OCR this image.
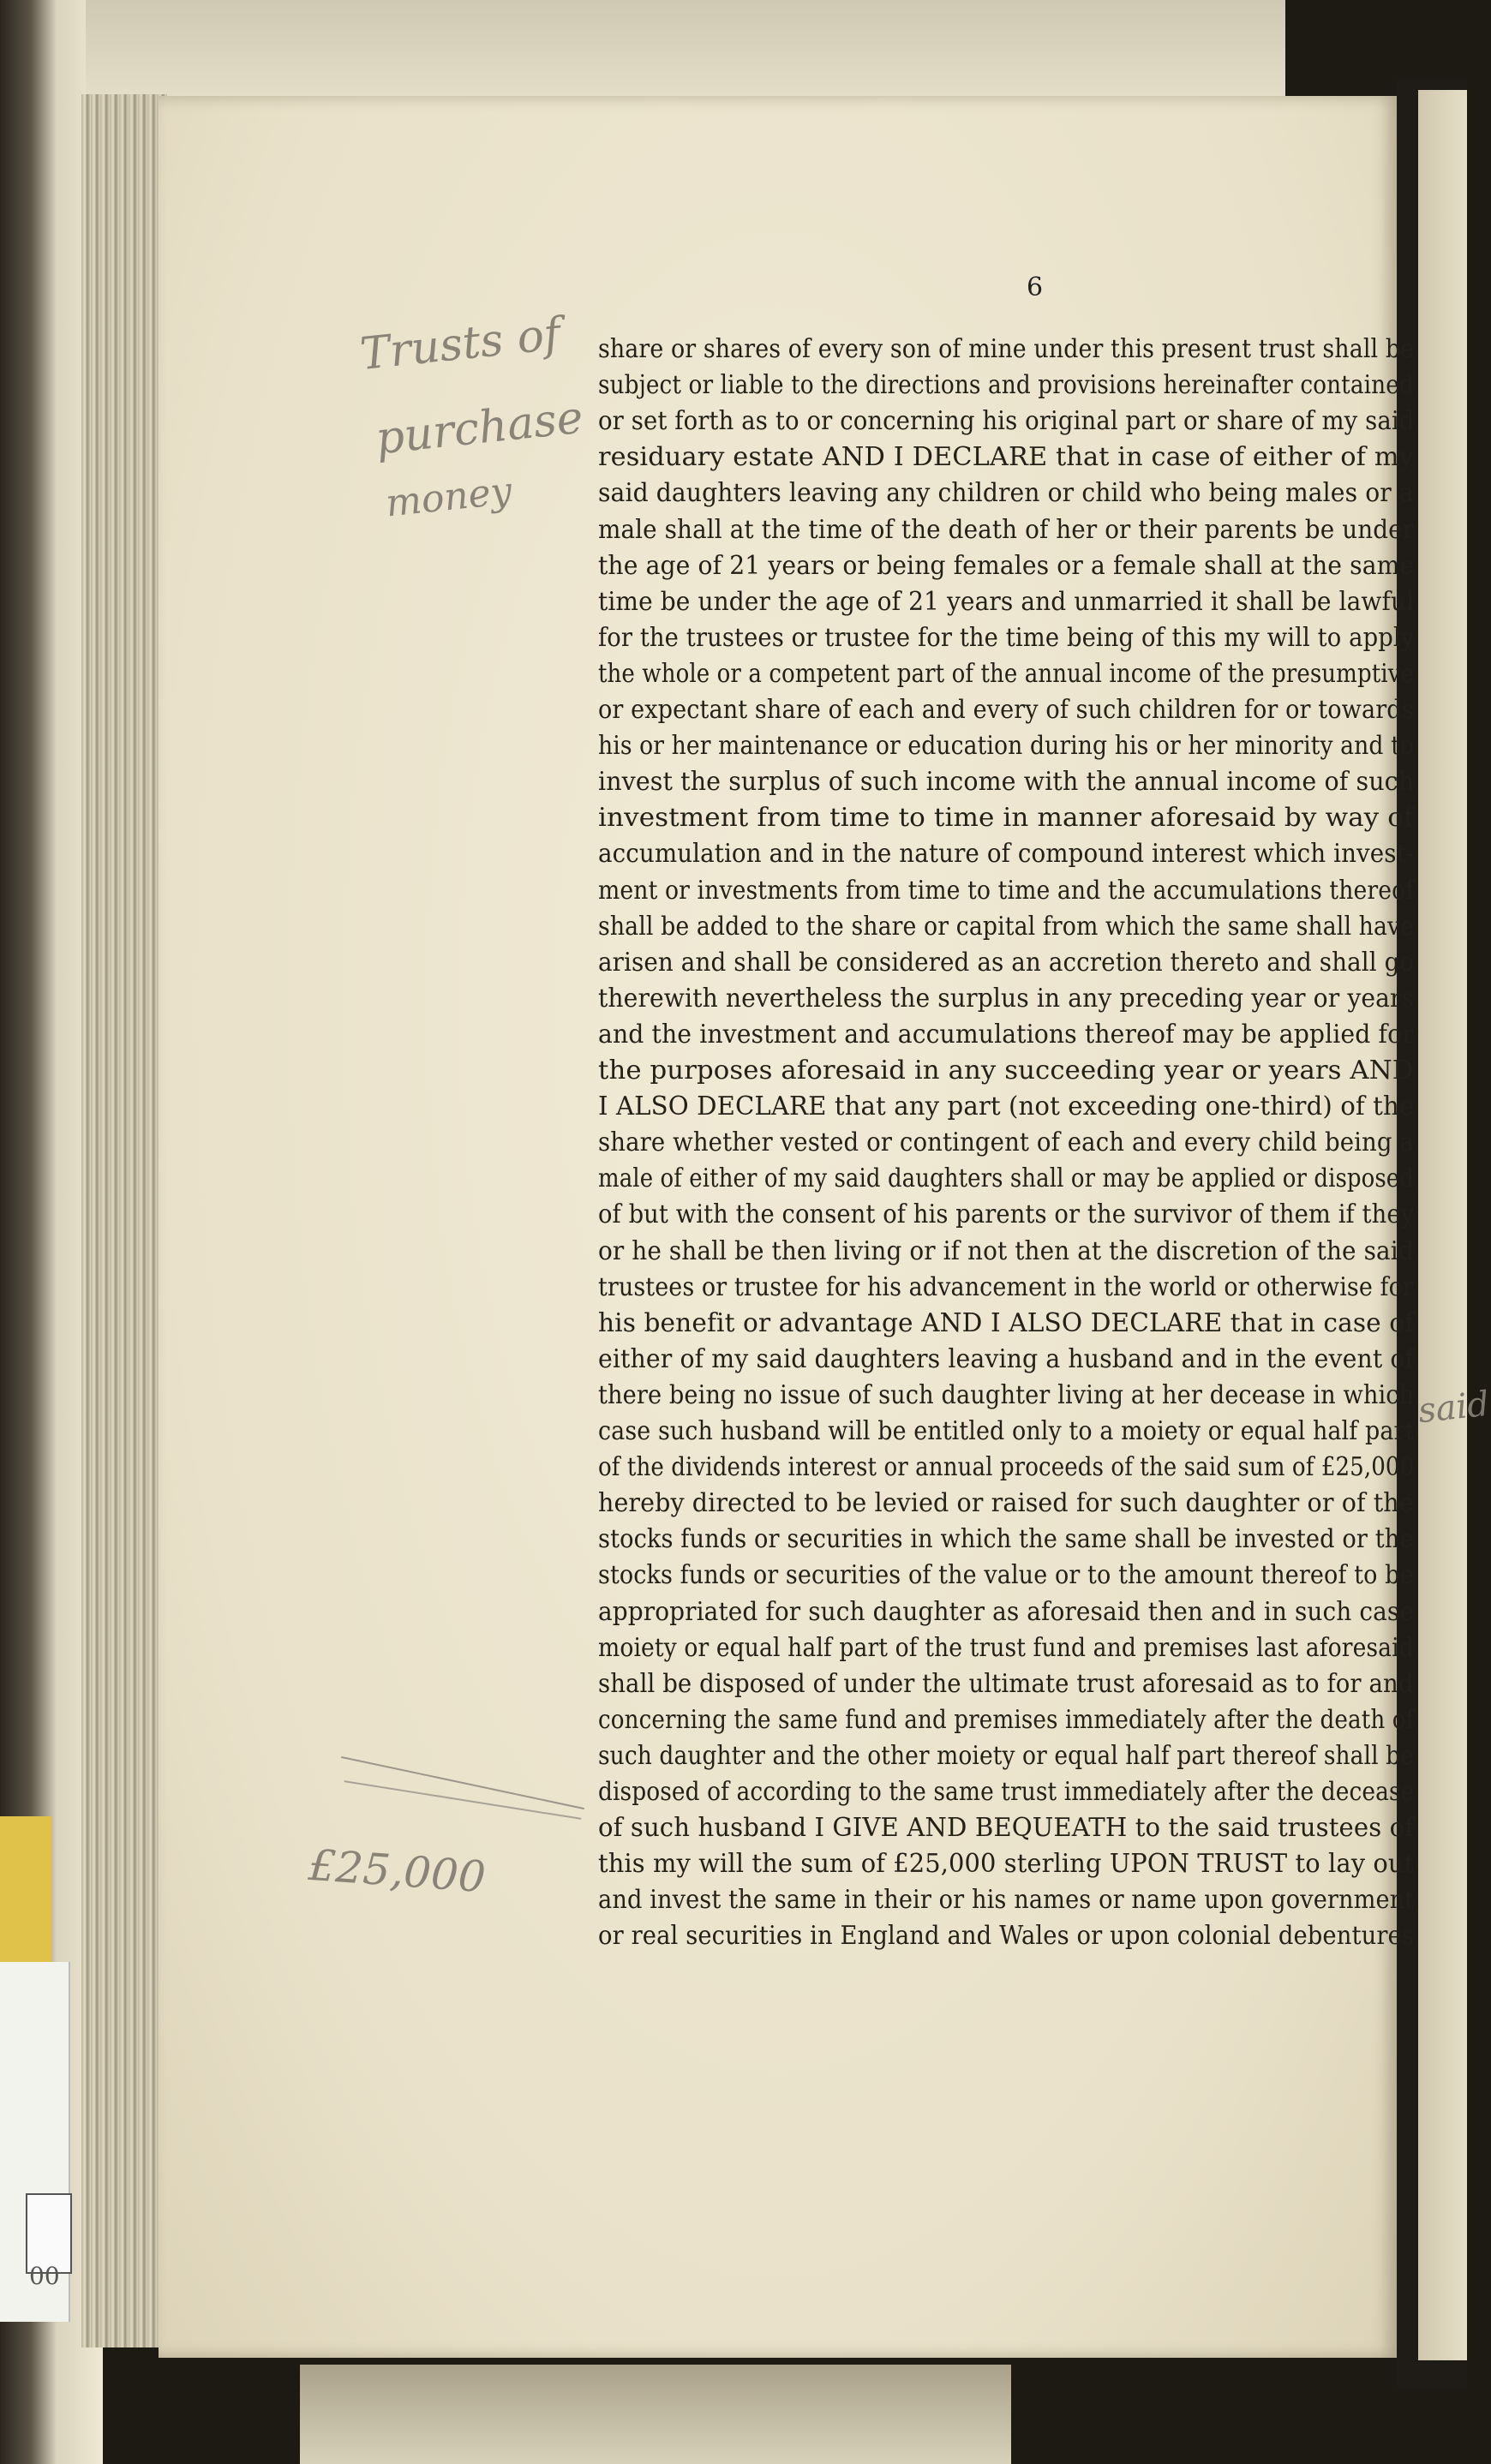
00
6
share or shares of every son of mine under this present trust shall be
subject or liable to the directions and provisions hereinafter contained
or set forth as to or concerning his original part or share of my said
residuary estate AND I DECLARE that in case of either of my
said daughters leaving any children or child who being males or a
male shall at the time of the death of her or their parents be under
the age of 21 years or being females or a female shall at the same
time be under the age of 21 years and unmarried it shall be lawful
for the trustees or trustee for the time being of this my will to apply
the whole or a competent part of the annual income of the presumptive
or expectant share of each and every of such children for or towards
his or her maintenance or education during his or her minority and to
invest the surplus of such income with the annual income of such
investment from time to time in manner aforesaid by way of
accumulation and in the nature of compound interest which invest-
ment or investments from time to time and the accumulations thereof
shall be added to the share or capital from which the same shall have
arisen and shall be considered as an accretion thereto and shall go
therewith nevertheless the surplus in any preceding year or years
and the investment and accumulations thereof may be applied for
the purposes aforesaid in any succeeding year or years AND
I ALSO DECLARE that any part (not exceeding one-third) of the
share whether vested or contingent of each and every child being a
male of either of my said daughters shall or may be applied or disposed
of but with the consent of his parents or the survivor of them if they
or he shall be then living or if not then at the discretion of the said
trustees or trustee for his advancement in the world or otherwise for
his benefit or advantage AND I ALSO DECLARE that in case of
either of my said daughters leaving a husband and in the event of
there being no issue of such daughter living at her decease in which
case such husband will be entitled only to a moiety or equal half part
of the dividends interest or annual proceeds of the said sum of £25,000
hereby directed to be levied or raised for such daughter or of the
stocks funds or securities in which the same shall be invested or the
stocks funds or securities of the value or to the amount thereof to be
appropriated for such daughter as aforesaid then and in such case
moiety or equal half part of the trust fund and premises last aforesaid
shall be disposed of under the ultimate trust aforesaid as to for and
concerning the same fund and premises immediately after the death of
such daughter and the other moiety or equal half part thereof shall be
disposed of according to the same trust immediately after the decease
of such husband I GIVE AND BEQUEATH to the said trustees of
this my will the sum of £25,000 sterling UPON TRUST to lay out
and invest the same in their or his names or name upon government
or real securities in England and Wales or upon colonial debentures
Trusts of
purchase
money
£25,000
said
